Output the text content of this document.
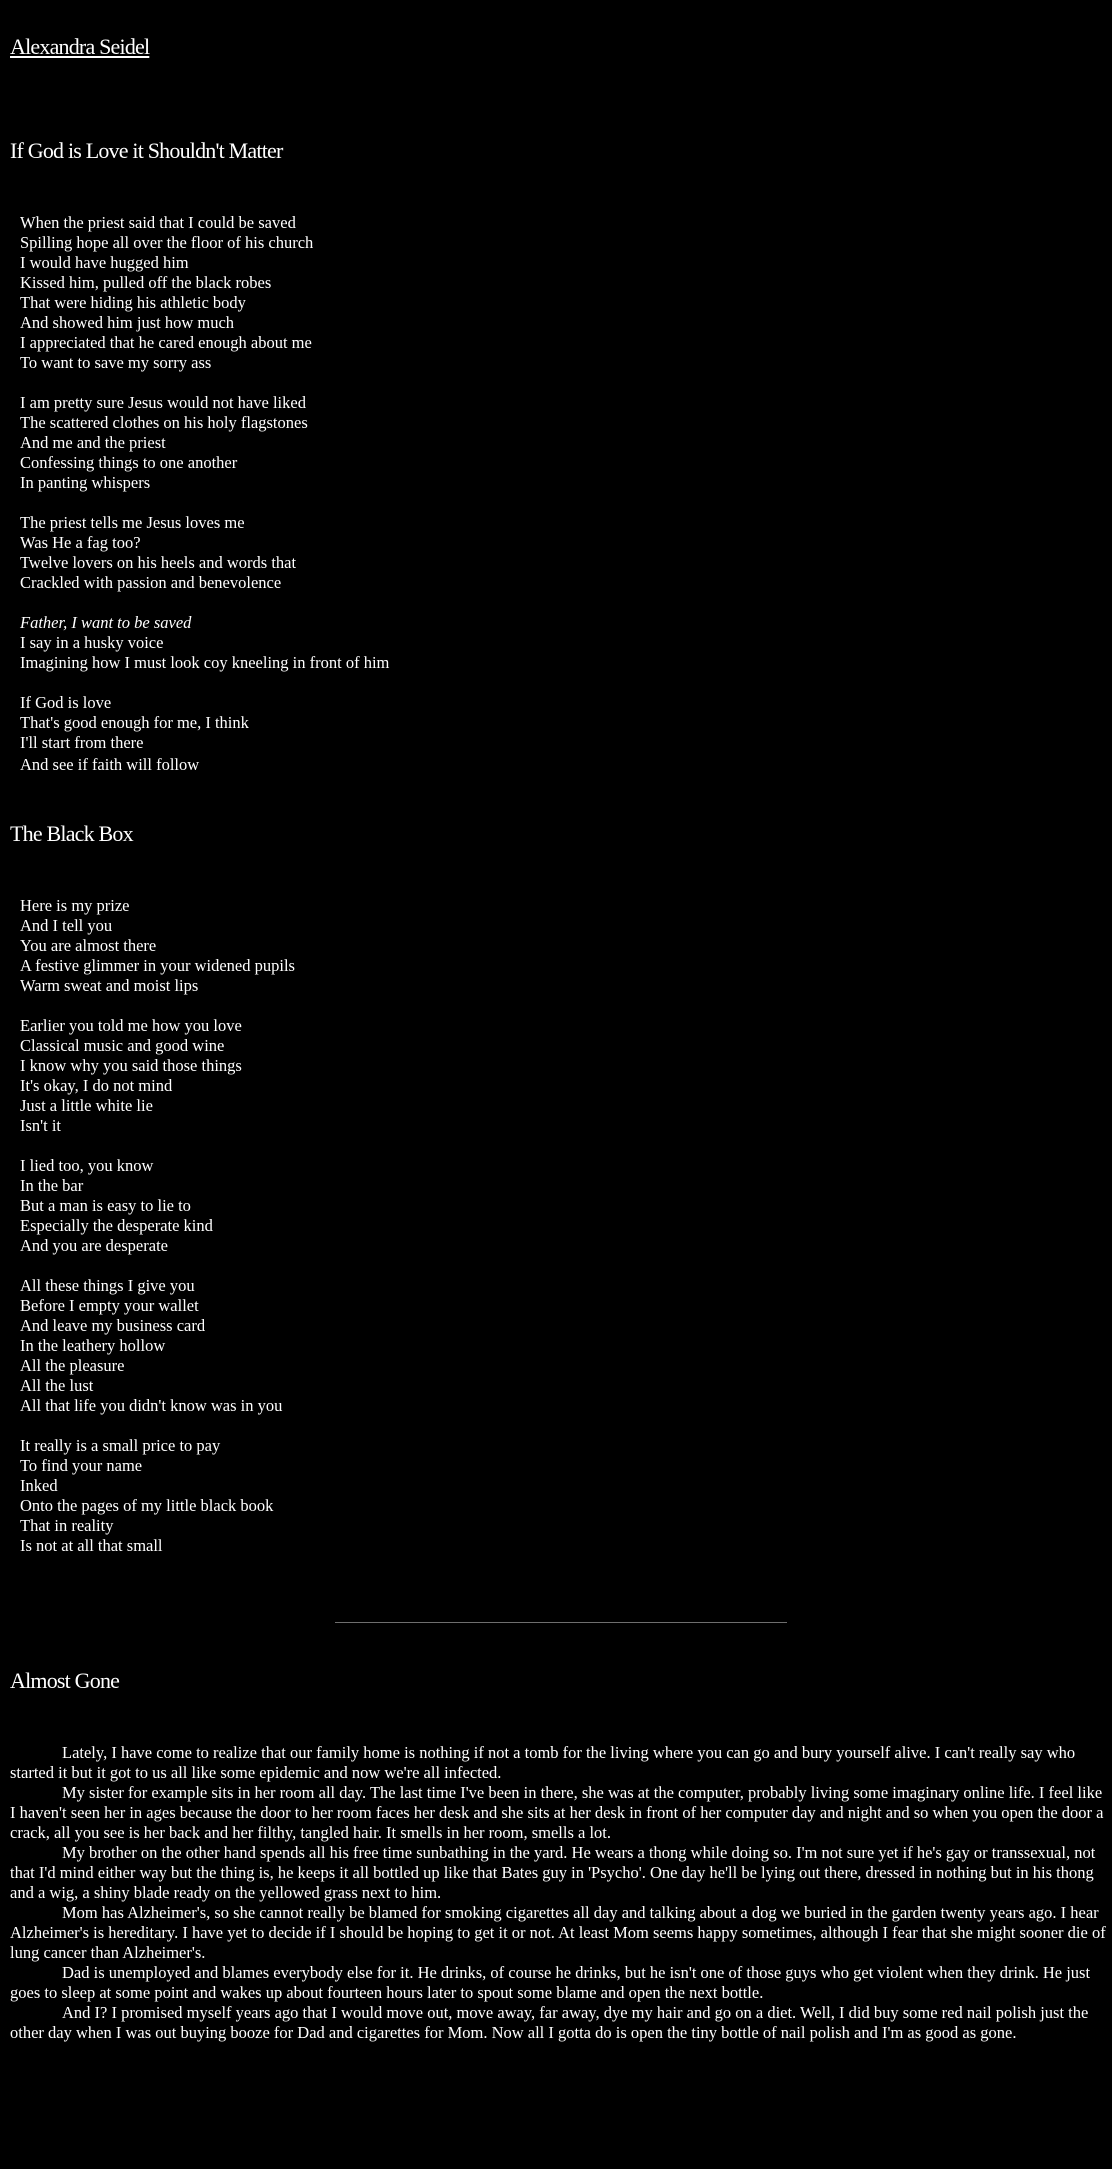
Alexandra Seidel
If God is Love it Shouldn't Matter
When the priest said that I could be saved
Spilling hope all over the floor of his church
I would have hugged him
Kissed him, pulled off the black robes
That were hiding his athletic body
And showed him just how much
I appreciated that he cared enough about me
To want to save my sorry ass
I am pretty sure Jesus would not have liked
The scattered clothes on his holy flagstones
And me and the priest
Confessing things to one another
In panting whispers
The priest tells me Jesus loves me
Was He a fag too?
Twelve lovers on his heels and words that
Crackled with passion and benevolence
Father, I want to be saved
I say in a husky voice
Imagining how I must look coy kneeling in front of him
If God is love
That's good enough for me, I think
I'll start from there
And see if faith will follow
The Black Box
Here is my prize
And I tell you
You are almost there
A festive glimmer in your widened pupils
Warm sweat and moist lips
Earlier you told me how you love
Classical music and good wine
I know why you said those things
It's okay, I do not mind
Just a little white lie
Isn't it
I lied too, you know
In the bar
But a man is easy to lie to
Especially the desperate kind
And you are desperate
All these things I give you
Before I empty your wallet
And leave my business card
In the leathery hollow
All the pleasure
All the lust
All that life you didn't know was in you
It really is a small price to pay
To find your name
Inked
Onto the pages of my little black book
That in reality
Is not at all that small
Almost Gone

Lately, I have come to realize that our family home is nothing if not a tomb for the living where you can go and bury yourself alive. I can't really say who started it but it got to us all like some epidemic and now we're all infected.

My sister for example sits in her room all day. The last time I've been in there, she was at the computer, probably living some imaginary online life. I feel like I haven't seen her in ages because the door to her room faces her desk and she sits at her desk in front of her computer day and night and so when you open the door a crack, all you see is her back and her filthy, tangled hair. It smells in her room, smells a lot.

My brother on the other hand spends all his free time sunbathing in the yard. He wears a thong while doing so. I'm not sure yet if he's gay or transsexual, not that I'd mind either way but the thing is, he keeps it all bottled up like that Bates guy in 'Psycho'. One day he'll be lying out there, dressed in nothing but in his thong and a wig, a shiny blade ready on the yellowed grass next to him.

Mom has Alzheimer's, so she cannot really be blamed for smoking cigarettes all day and talking about a dog we buried in the garden twenty years ago. I hear Alzheimer's is hereditary. I have yet to decide if I should be hoping to get it or not. At least Mom seems happy sometimes, although I fear that she might sooner die of lung cancer than Alzheimer's.

Dad is unemployed and blames everybody else for it. He drinks, of course he drinks, but he isn't one of those guys who get violent when they drink. He just goes to sleep at some point and wakes up about fourteen hours later to spout some blame and open the next bottle.

And I? I promised myself years ago that I would move out, move away, far away, dye my hair and go on a diet. Well, I did buy some red nail polish just the other day when I was out buying booze for Dad and cigarettes for Mom. Now all I gotta do is open the tiny bottle of nail polish and I'm as good as gone.
